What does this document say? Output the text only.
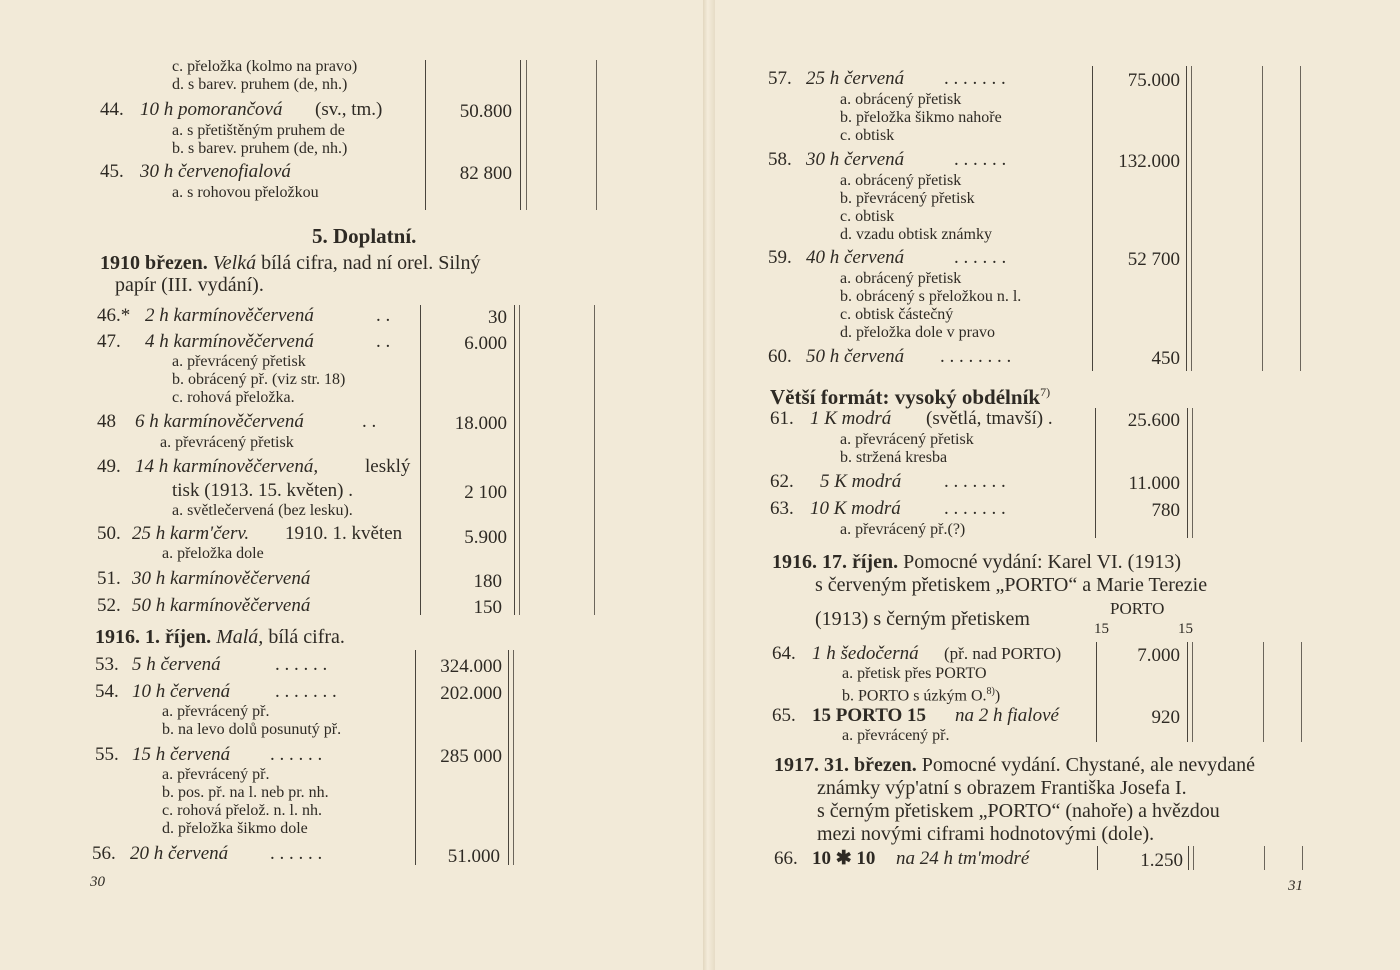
c. přeložka (kolmo na pravo)
d. s barev. pruhem (de, nh.)
44. 10 h pomorančová (sv., tm.)	50.800
a. s přetištěným pruhem de
b. s barev. pruhem (de, nh.)
45. 30 h červenofialová	82 800
a. s rohovou přeložkou
5. Doplatní.
1910 březen. Velká bílá cifra, nad ní orel. Silný
papír (III. vydání).
46.* 2 h karmínověčervená	. .	30
47. 4 h karmínověčervená	. .	6.000
a. převrácený přetisk
b. obrácený př. (viz str. 18)
c. rohová přeložka.
48 6 h karmínověčervená	. .	18.000
a. převrácený přetisk
49. 14 h karmínověčervená, lesklý
tisk (1913. 15. květen) .	2 100
a. světlečervená (bez lesku).
50. 25 h karm'červ. 1910. 1. květen	5.900
a. přeložka dole
51. 30 h karmínověčervená	180
52. 50 h karmínověčervená	150
1916. 1. říjen. Malá, bílá cifra.
53. 5 h červená	. . . . . .	324.000
54. 10 h červená . . . . . . .	202.000
a. převrácený př.
b. na levo dolů posunutý př.
55. 15 h červená . . . . . .	285 000
a. převrácený př.
b. pos. př. na l. neb pr. nh.
c. rohová přelož. n. l. nh.
d. přeložka šikmo dole
56. 20 h červená . . . . . .	51.000
30
57. 25 h červená . . . . . . .	75.000
a. obrácený přetisk
b. přeložka šikmo nahoře
c. obtisk
58. 30 h červená	. . . . . .	132.000
a. obrácený přetisk
b. převrácený přetisk
c. obtisk
d. vzadu obtisk známky
59. 40 h červená	. . . . . .	52 700
a. obrácený přetisk
b. obrácený s přeložkou n. l.
c. obtisk částečný
d. přeložka dole v pravo
60. 50 h červená . . . . . . . .	450
Větší formát: vysoký obdélník$^{7)}$
61. 1 K modrá (světlá, tmavší) .	25.600
a. převrácený přetisk
b. stržená kresba
62. 5 K modrá . . . . . . .	11.000
63. 10 K modrá . . . . . . .	780
a. převrácený př.(?)
1916. 17. říjen. Pomocné vydání: Karel VI. (1913)
s červeným přetiskem „PORTO“ a Marie Terezie
(1913) s černým přetiskem	PORTO
15	15
64. 1 h šedočerná (př. nad PORTO)	7.000
a. přetisk přes PORTO
b. PORTO s úzkým O.$^{8)}$)
65. 15 PORTO 15 na 2 h fialové	920
a. převrácený př.
1917. 31. březen. Pomocné vydání. Chystané, ale nevydané
známky výp'atní s obrazem Františka Josefa I.
s černým přetiskem „PORTO“ (nahoře) a hvězdou
mezi novými ciframi hodnotovými (dole).
66. 10 ✱ 10 na 24 h tm'modré	1.250
31
